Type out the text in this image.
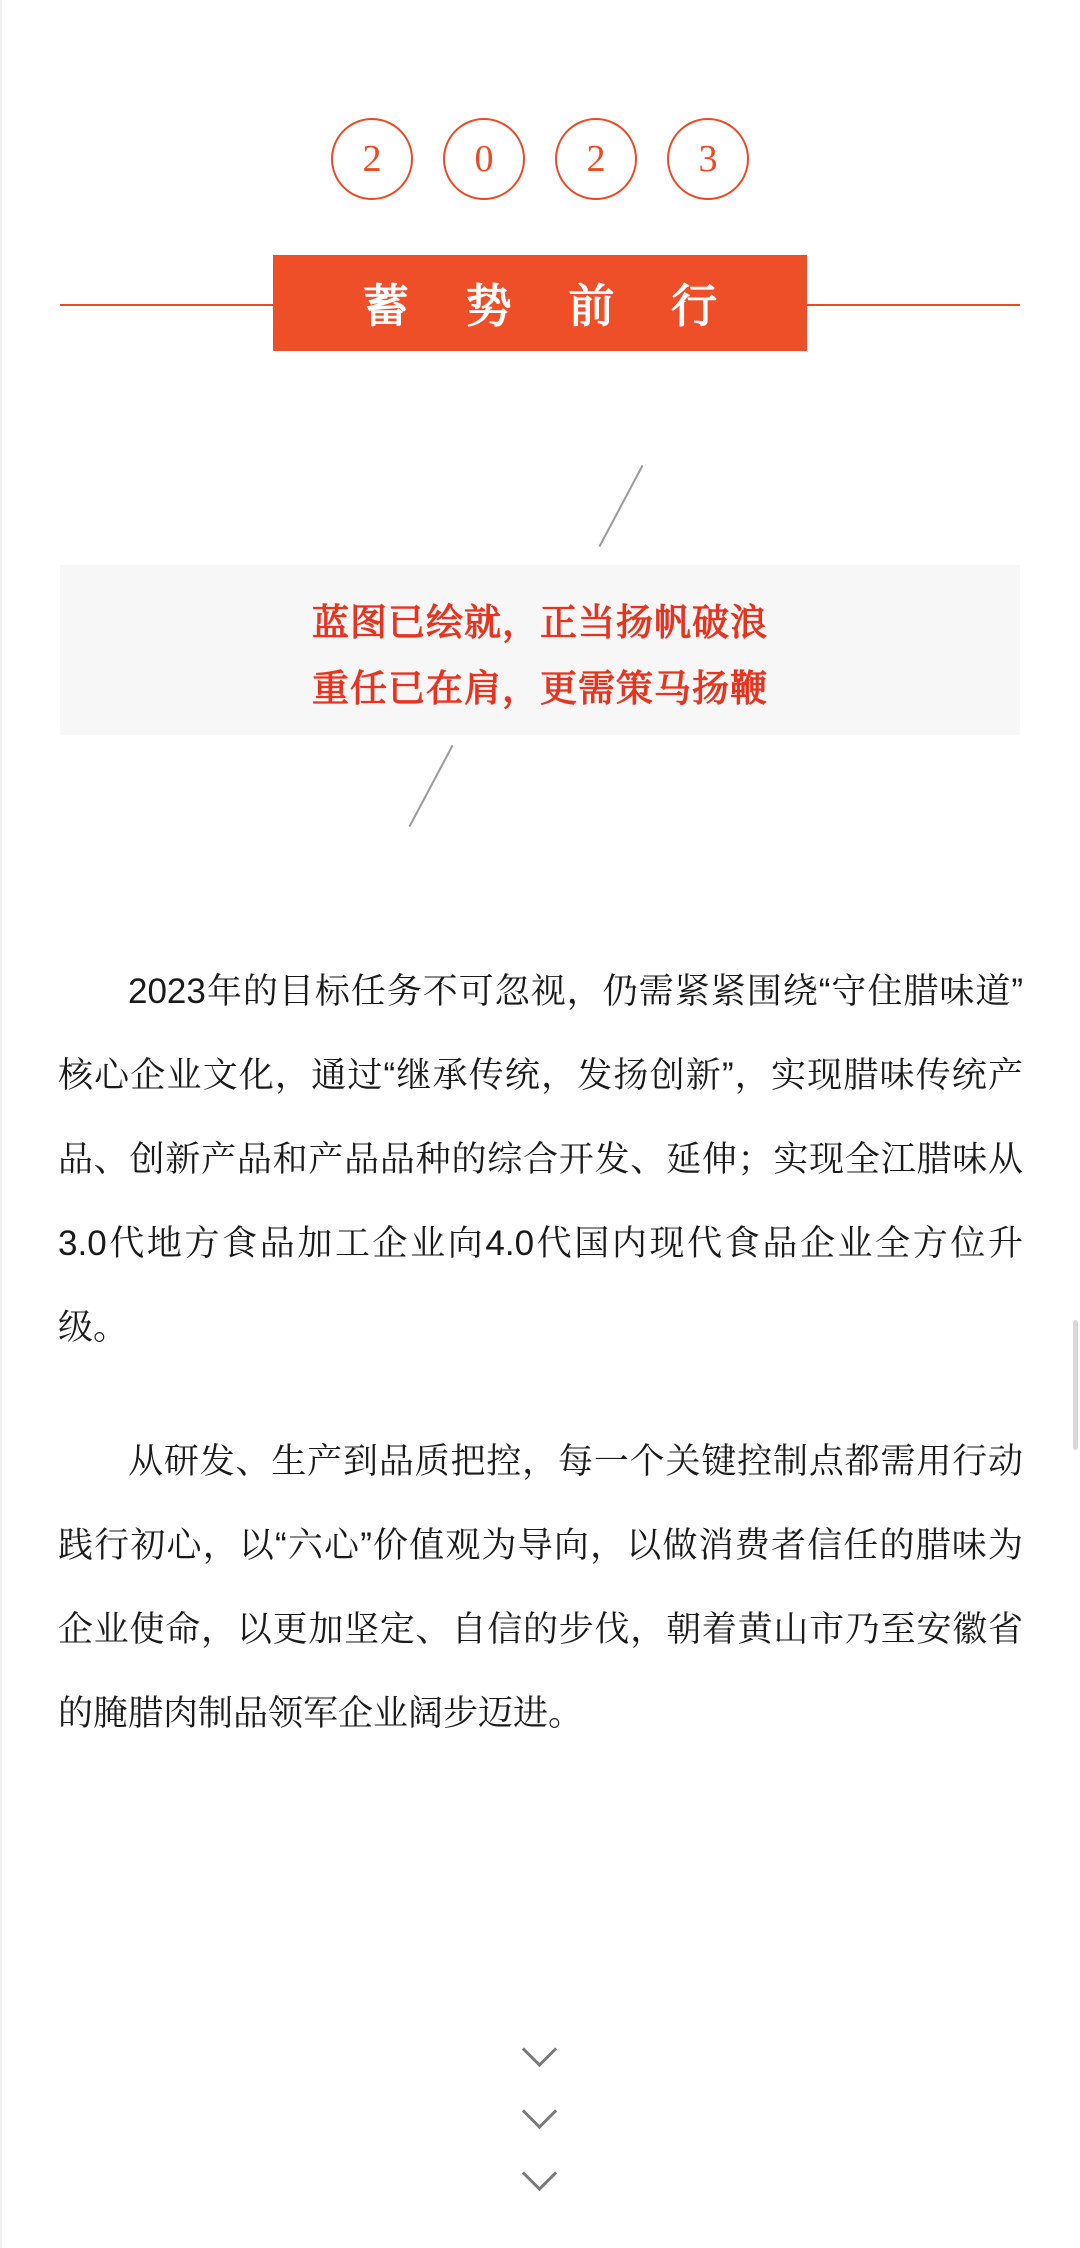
2	0	2	3
蓄 势 前 行
蓝图已绘就，正当扬帆破浪
重任已在肩，更需策马扬鞭

2023年的目标任务不可忽视，仍需紧紧围绕“守住腊味道”核心企业文化，通过“继承传统，发扬创新”，实现腊味传统产品、创新产品和产品品种的综合开发、延伸；实现全江腊味从3.0代地方食品加工企业向4.0代国内现代食品企业全方位升级。

从研发、生产到品质把控，每一个关键控制点都需用行动践行初心，以“六心”价值观为导向，以做消费者信任的腊味为企业使命，以更加坚定、自信的步伐，朝着黄山市乃至安徽省的腌腊肉制品领军企业阔步迈进。
